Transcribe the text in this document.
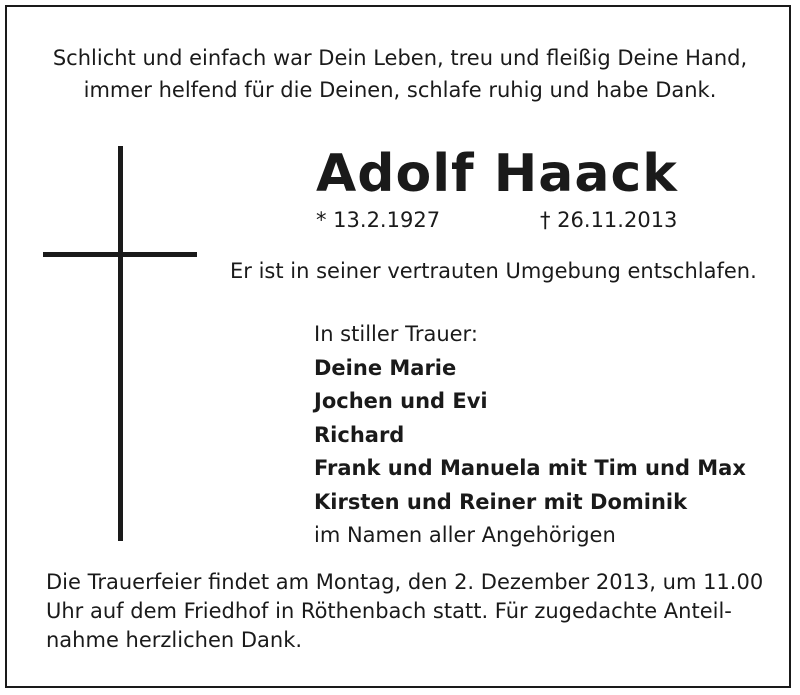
Schlicht und einfach war Dein Leben, treu und fleißig Deine Hand,
immer helfend für die Deinen, schlafe ruhig und habe Dank.
Adolf Haack
* 13.2.1927	† 26.11.2013
Er ist in seiner vertrauten Umgebung entschlafen.
In stiller Trauer:
Deine Marie
Jochen und Evi
Richard
Frank und Manuela mit Tim und Max
Kirsten und Reiner mit Dominik
im Namen aller Angehörigen
Die Trauerfeier findet am Montag, den 2. Dezember 2013, um 11.00
Uhr auf dem Friedhof in Röthenbach statt. Für zugedachte Anteil-
nahme herzlichen Dank.
